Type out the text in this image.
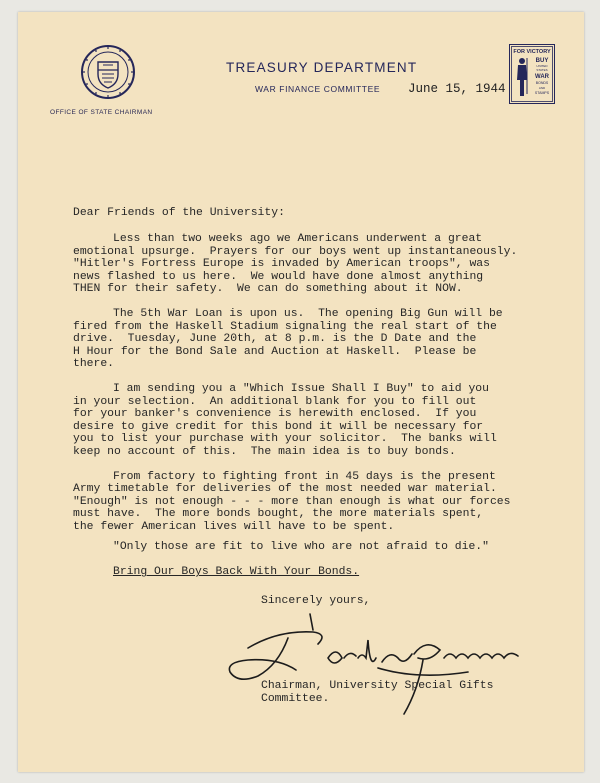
OFFICE OF STATE CHAIRMAN
TREASURY DEPARTMENT
WAR FINANCE COMMITTEE June 15, 1944
FOR VICTORY
BUY
UNITED
STATES
WAR
BONDS
AND
STAMPS
Dear Friends of the University:
Less than two weeks ago we Americans underwent a great
emotional upsurge.  Prayers for our boys went up instantaneously.
"Hitler's Fortress Europe is invaded by American troops", was
news flashed to us here.  We would have done almost anything
THEN for their safety.  We can do something about it NOW.
The 5th War Loan is upon us.  The opening Big Gun will be
fired from the Haskell Stadium signaling the real start of the
drive.  Tuesday, June 20th, at 8 p.m. is the D Date and the
H Hour for the Bond Sale and Auction at Haskell.  Please be
there.
I am sending you a "Which Issue Shall I Buy" to aid you
in your selection.  An additional blank for you to fill out
for your banker's convenience is herewith enclosed.  If you
desire to give credit for this bond it will be necessary for
you to list your purchase with your solicitor.  The banks will
keep no account of this.  The main idea is to buy bonds.
From factory to fighting front in 45 days is the present
Army timetable for deliveries of the most needed war material.
"Enough" is not enough - - - more than enough is what our forces
must have.  The more bonds bought, the more materials spent,
the fewer American lives will have to be spent.
"Only those are fit to live who are not afraid to die."
Bring Our Boys Back With Your Bonds.
Sincerely yours,
Chairman, University Special Gifts
Committee.
